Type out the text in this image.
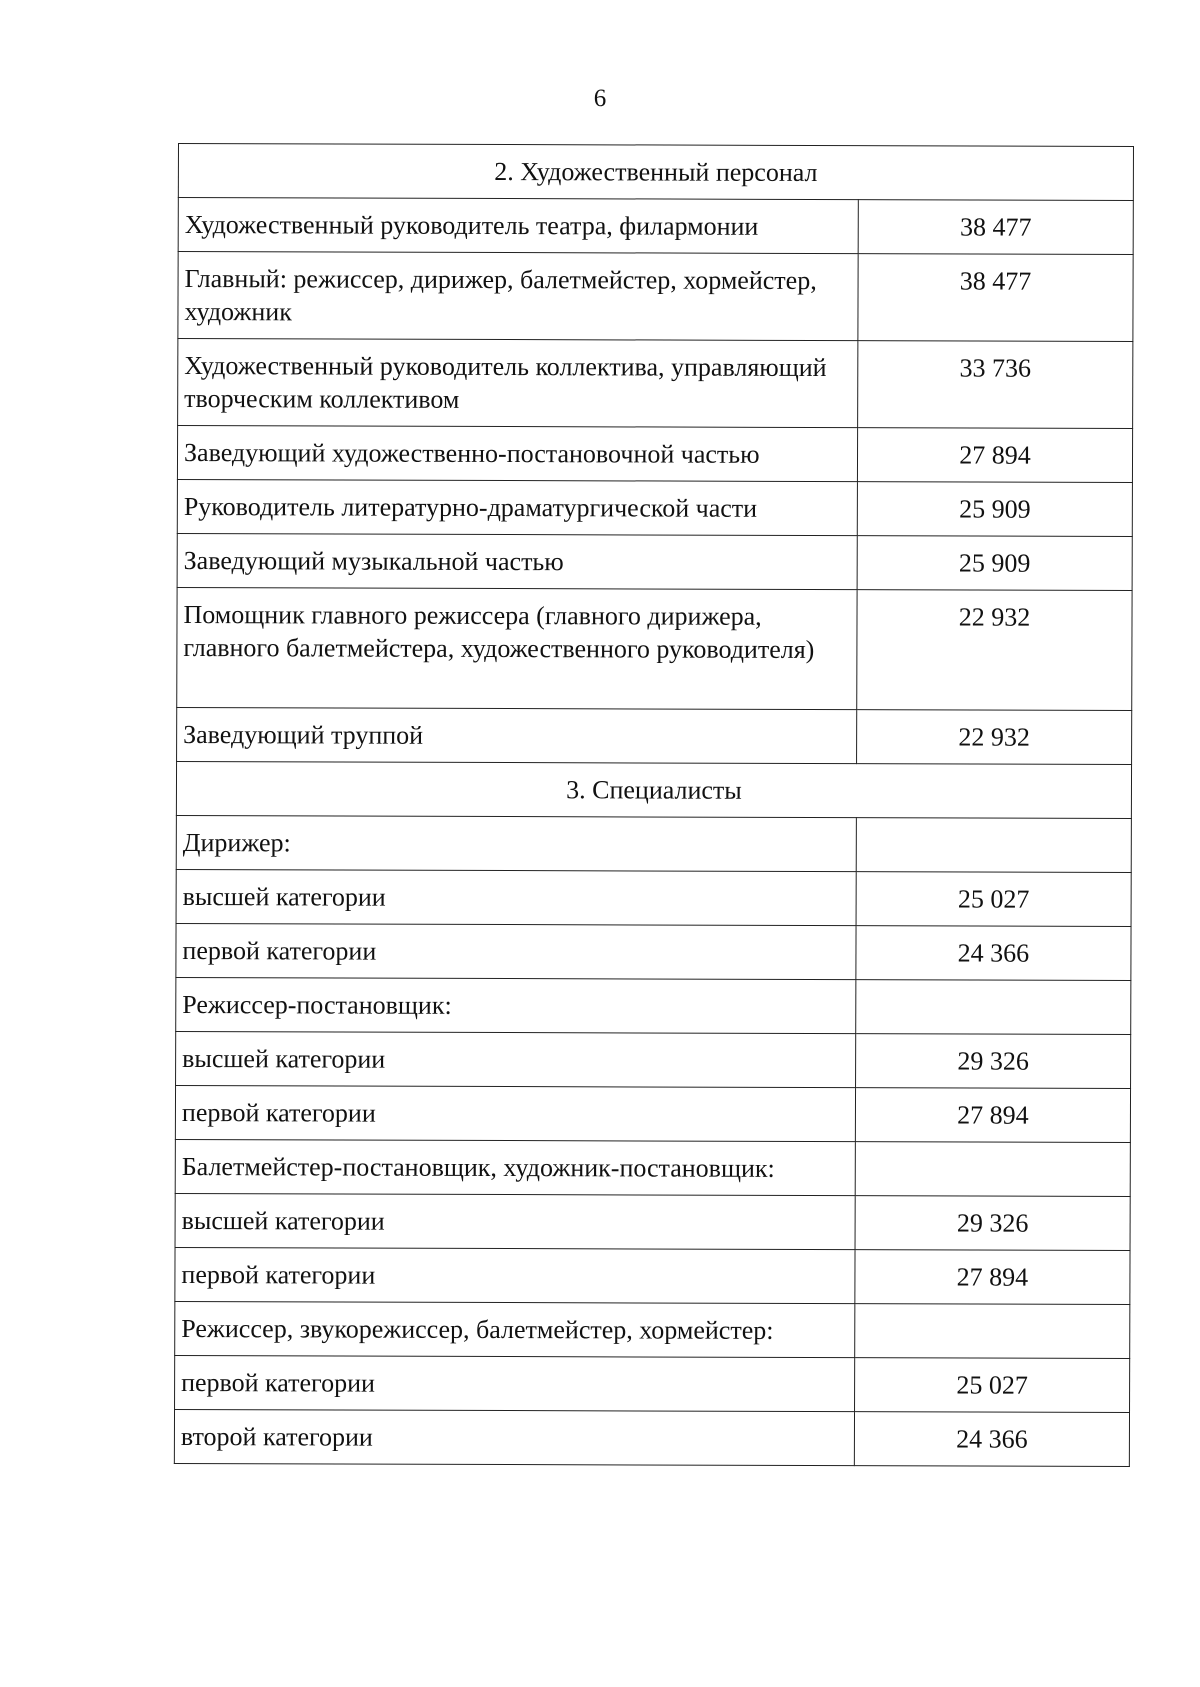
6
2. Художественный персонал	
Художественный руководитель театра, филармонии	38 477
Главный: режиссер, дирижер, балетмейстер, хормейстер, художник	38 477
Художественный руководитель коллектива, управляющий творческим коллективом	33 736
Заведующий художественно-постановочной частью	27 894
Руководитель литературно-драматургической части	25 909
Заведующий музыкальной частью	25 909
Помощник главного режиссера (главного дирижера, главного балетмейстера, художественного руководителя)	22 932
Заведующий труппой	22 932
3. Специалисты	
Дирижер:	
высшей категории	25 027
первой категории	24 366
Режиссер-постановщик:	
высшей категории	29 326
первой категории	27 894
Балетмейстер-постановщик, художник-постановщик:	
высшей категории	29 326
первой категории	27 894
Режиссер, звукорежиссер, балетмейстер, хормейстер:	
первой категории	25 027
второй категории	24 366
